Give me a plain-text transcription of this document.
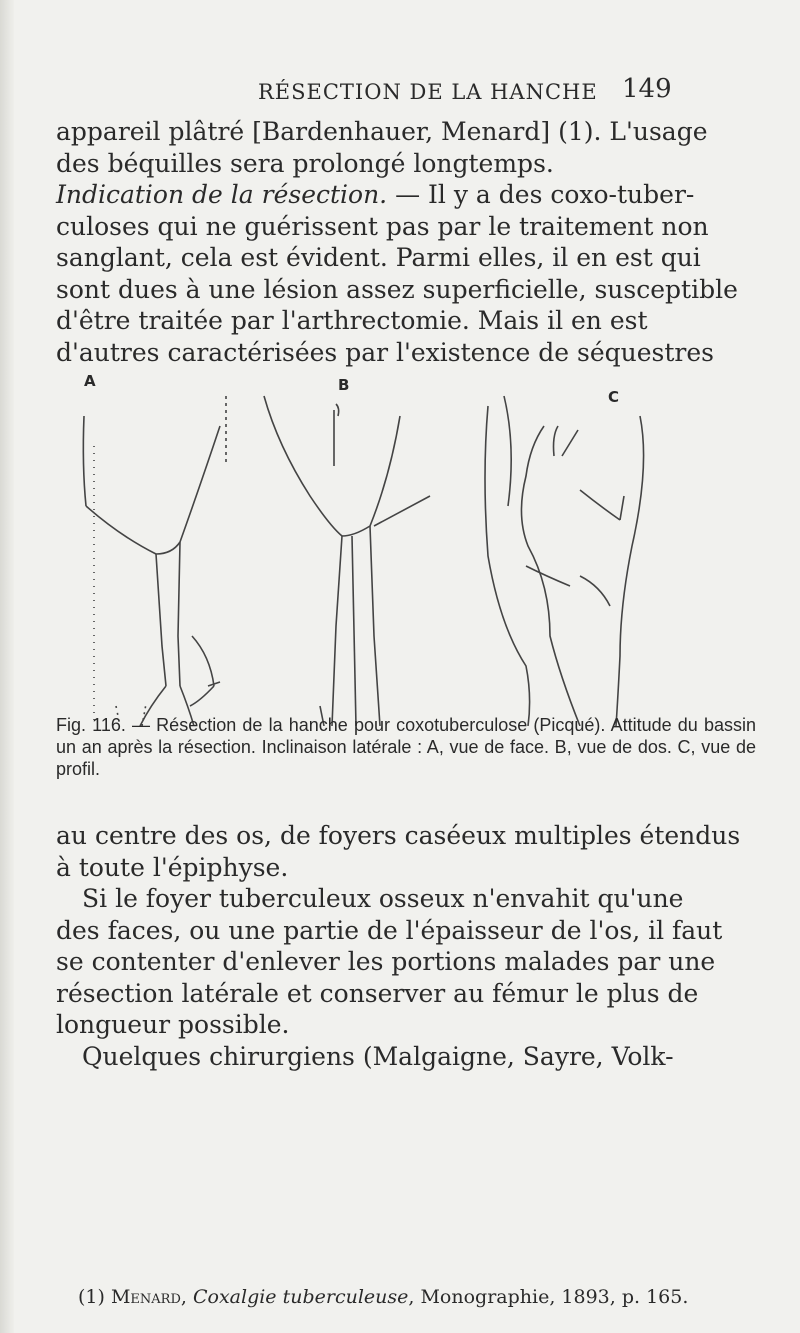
RÉSECTION DE LA HANCHE 149
appareil plâtré [Bardenhauer, Menard] (1). L'usage
des béquilles sera prolongé longtemps.
Indication de la résection. — Il y a des coxo-tuber-
culoses qui ne guérissent pas par le traitement non
sanglant, cela est évident. Parmi elles, il en est qui
sont dues à une lésion assez superficielle, susceptible
d'être traitée par l'arthrectomie. Mais il en est
d'autres caractérisées par l'existence de séquestres
A	B
C

Fig. 116. — Résection de la hanche pour coxotuberculose (Picqué). Attitude du bassin un an après la résection. Inclinaison latérale : A, vue de face. B, vue de dos. C, vue de profil.

au centre des os, de foyers caséeux multiples étendus
à toute l'épiphyse.
Si le foyer tuberculeux osseux n'envahit qu'une
des faces, ou une partie de l'épaisseur de l'os, il faut
se contenter d'enlever les portions malades par une
résection latérale et conserver au fémur le plus de
longueur possible.
Quelques chirurgiens (Malgaigne, Sayre, Volk-

(1) Menard, Coxalgie tuberculeuse, Monographie, 1893, p. 165.
